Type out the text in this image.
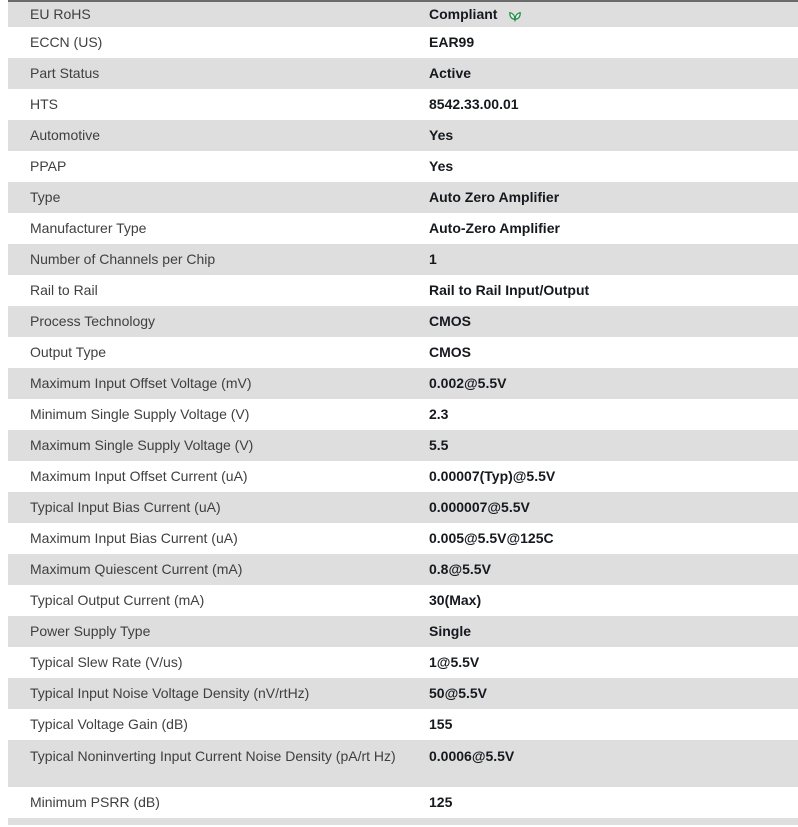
EU RoHS	Compliant
ECCN (US)	EAR99
Part Status	Active
HTS	8542.33.00.01
Automotive	Yes
PPAP	Yes
Type	Auto Zero Amplifier
Manufacturer Type	Auto-Zero Amplifier
Number of Channels per Chip	1
Rail to Rail	Rail to Rail Input/Output
Process Technology	CMOS
Output Type	CMOS
Maximum Input Offset Voltage (mV)	0.002@5.5V
Minimum Single Supply Voltage (V)	2.3
Maximum Single Supply Voltage (V)	5.5
Maximum Input Offset Current (uA)	0.00007(Typ)@5.5V
Typical Input Bias Current (uA)	0.000007@5.5V
Maximum Input Bias Current (uA)	0.005@5.5V@125C
Maximum Quiescent Current (mA)	0.8@5.5V
Typical Output Current (mA)	30(Max)
Power Supply Type	Single
Typical Slew Rate (V/us)	1@5.5V
Typical Input Noise Voltage Density (nV/rtHz)	50@5.5V
Typical Voltage Gain (dB)	155
Typical Noninverting Input Current Noise Density (pA/rt Hz)	0.0006@5.5V
Minimum PSRR (dB)	125
